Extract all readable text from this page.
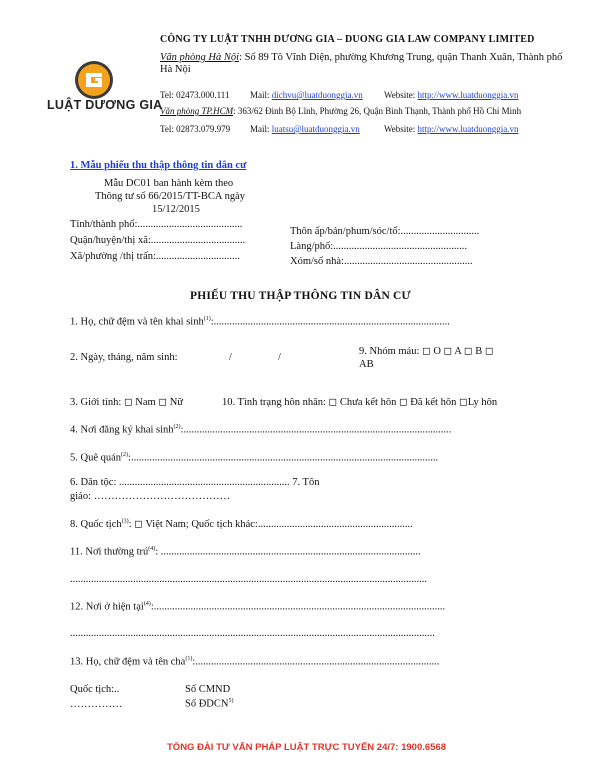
CÔNG TY LUẬT TNHH DƯƠNG GIA – DUONG GIA LAW COMPANY LIMITED
LUẬT DƯƠNG GIA
Văn phòng Hà Nội: Số 89 Tô Vĩnh Diện, phường Khương Trung, quận Thanh Xuân, Thành phố
Hà Nội
Tel: 02473.000.111 Mail: dichvu@luatduonggia.vn Website: http://www.luatduonggia.vn
Văn phòng TP.HCM: 363/62 Đinh Bộ Lĩnh, Phường 26, Quận Bình Thạnh, Thành phố Hồ Chí Minh
Tel: 02873.079.979 Mail: luatsu@luatduonggia.vn	Website: http://www.luatduonggia.vn
1. Mẫu phiếu thu thập thông tin dân cư
Mẫu DC01 ban hành kèm theo
Thông tư số 66/2015/TT-BCA ngày
15/12/2015
Tỉnh/thành phố:........................................
Quận/huyện/thị xã:....................................
Xã/phường /thị trấn:................................
Thôn ấp/bản/phum/sóc/tổ:..............................
Làng/phố:...................................................
Xóm/số nhà:.................................................
PHIẾU THU THẬP THÔNG TIN DÂN CƯ
1. Họ, chữ đệm và tên khai $\sinh^{(1)}$:..........................................................................................
2. Ngày, tháng, năm sinh:	/	/
9. Nhóm máu: ◻ O ◻ A ◻ B ◻
AB
3. Giới tính: ◻ Nam ◻ Nữ	10. Tình trạng hôn nhân: ◻ Chưa kết hôn ◻ Đã kết hôn ◻Ly hôn
4. Nơi đăng ký khai $\sinh^{(2)}$:......................................................................................................
5. Quê quán$^{(2)}$:.....................................................................................................................
6. Dân tộc: ................................................................. 7. Tôn
giáo: …………………………………
8. Quốc tịch$^{(3)}$: ◻ Việt Nam; Quốc tịch khác:...........................................................
11. Nơi thường trú$^{(4)}$: ...................................................................................................
........................................................................................................................................
12. Nơi ở hiện tại$^{(4)}$:...............................................................................................................
...........................................................................................................................................
13. Họ, chữ đệm và tên cha$^{(1)}$:.............................................................................................
Quốc tịch:..
……………
Số CMND
Số ĐDCN$^{5)}$
TỔNG ĐÀI TƯ VẤN PHÁP LUẬT TRỰC TUYẾN 24/7: 1900.6568
